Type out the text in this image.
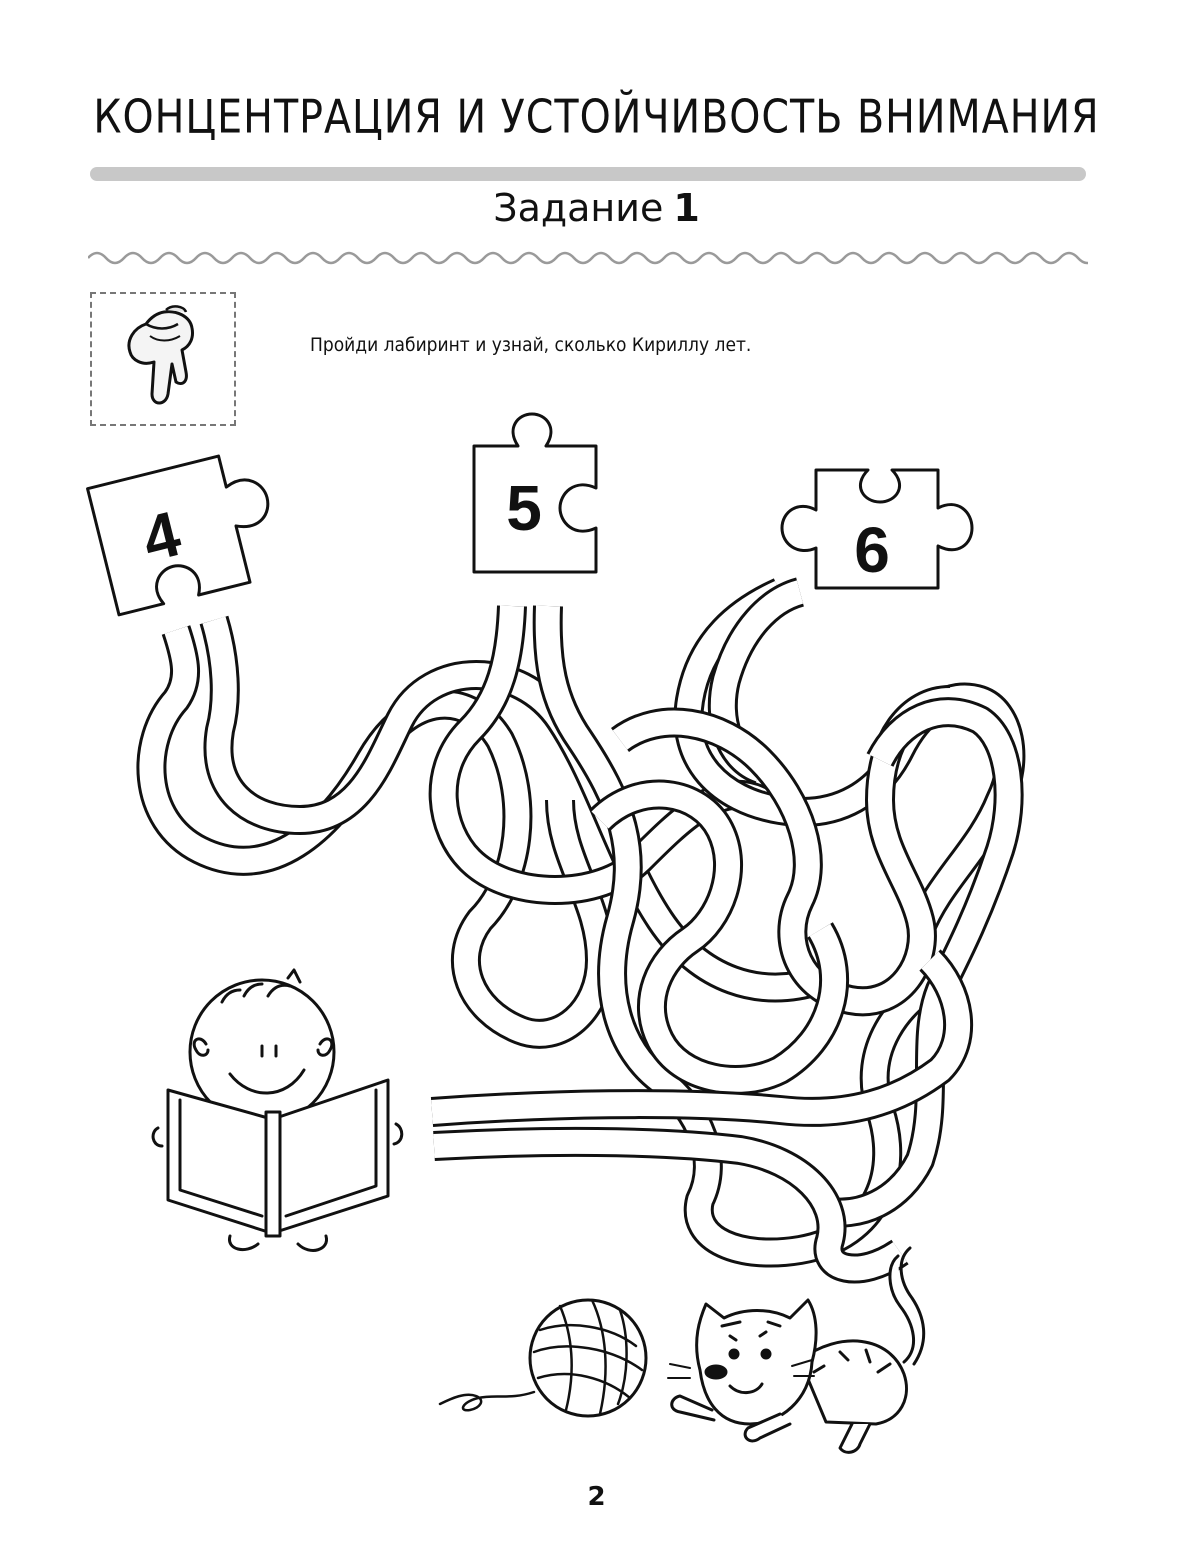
КОНЦЕНТРАЦИЯ И УСТОЙЧИВОСТЬ ВНИМАНИЯ
Задание 1

Пройди лабиринт и узнай, сколько Кириллу лет.

4	5
6
2
